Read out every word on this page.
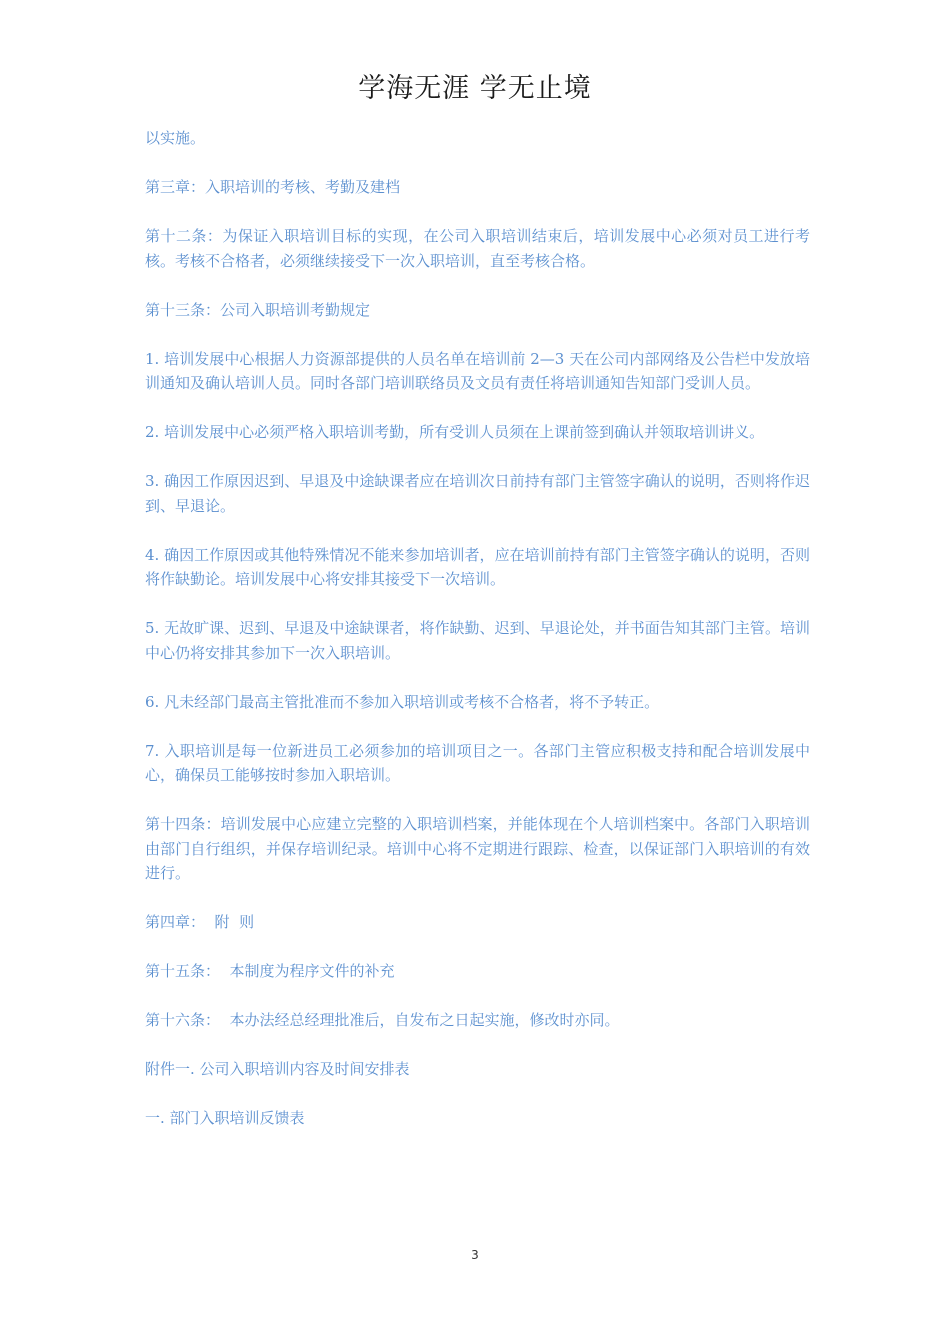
学海无涯 学无止境

以实施。

第三章：入职培训的考核、考勤及建档

第十二条：为保证入职培训目标的实现，在公司入职培训结束后，培训发展中心必须对员工进行考核。考核不合格者，必须继续接受下一次入职培训，直至考核合格。

第十三条：公司入职培训考勤规定

1. 培训发展中心根据人力资源部提供的人员名单在培训前 2—3 天在公司内部网络及公告栏中发放培训通知及确认培训人员。同时各部门培训联络员及文员有责任将培训通知告知部门受训人员。

2. 培训发展中心必须严格入职培训考勤，所有受训人员须在上课前签到确认并领取培训讲义。

3. 确因工作原因迟到、早退及中途缺课者应在培训次日前持有部门主管签字确认的说明，否则将作迟到、早退论。

4. 确因工作原因或其他特殊情况不能来参加培训者，应在培训前持有部门主管签字确认的说明，否则将作缺勤论。培训发展中心将安排其接受下一次培训。

5. 无故旷课、迟到、早退及中途缺课者，将作缺勤、迟到、早退论处，并书面告知其部门主管。培训中心仍将安排其参加下一次入职培训。

6. 凡未经部门最高主管批准而不参加入职培训或考核不合格者，将不予转正。

7. 入职培训是每一位新进员工必须参加的培训项目之一。各部门主管应积极支持和配合培训发展中心，确保员工能够按时参加入职培训。

第十四条：培训发展中心应建立完整的入职培训档案，并能体现在个人培训档案中。各部门入职培训由部门自行组织，并保存培训纪录。培训中心将不定期进行跟踪、检查，以保证部门入职培训的有效进行。

第四章：  附  则

第十五条：  本制度为程序文件的补充

第十六条：  本办法经总经理批准后，自发布之日起实施，修改时亦同。

附件一. 公司入职培训内容及时间安排表

一. 部门入职培训反馈表

3
